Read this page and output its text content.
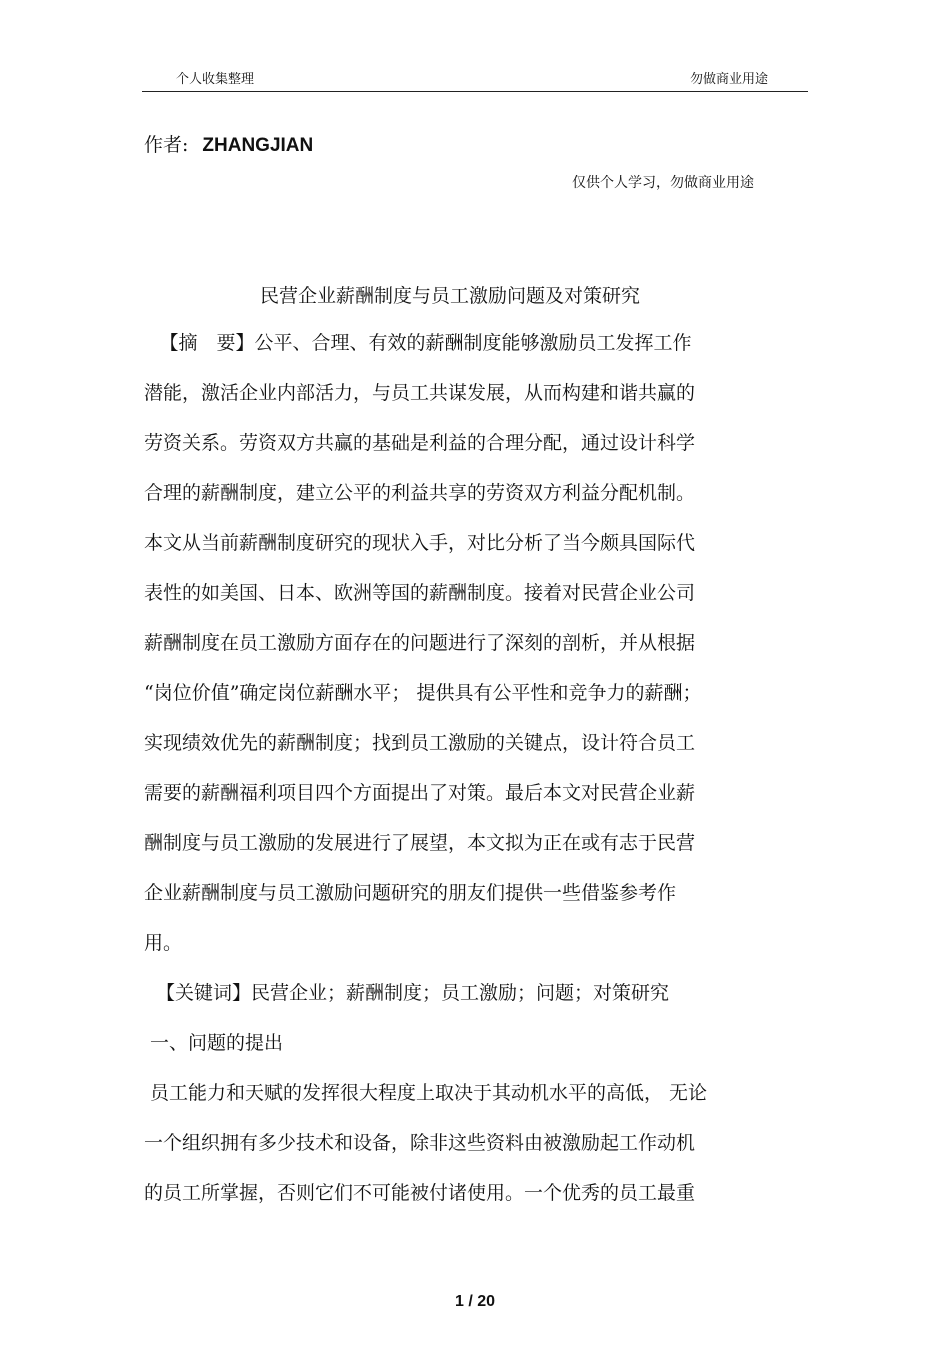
个人收集整理	勿做商业用途
作者: ZHANGJIAN
仅供个人学习，勿做商业用途
民营企业薪酬制度与员工激励问题及对策研究
　【摘　要】公平、合理、有效的薪酬制度能够激励员工发挥工作
潜能，激活企业内部活力，与员工共谋发展，从而构建和谐共赢的
劳资关系。劳资双方共赢的基础是利益的合理分配，通过设计科学
合理的薪酬制度，建立公平的利益共享的劳资双方利益分配机制。
本文从当前薪酬制度研究的现状入手，对比分析了当今颇具国际代
表性的如美国、日本、欧洲等国的薪酬制度。接着对民营企业公司
薪酬制度在员工激励方面存在的问题进行了深刻的剖析，并从根据
“岗位价值”确定岗位薪酬水平； 提供具有公平性和竞争力的薪酬；
实现绩效优先的薪酬制度；找到员工激励的关键点，设计符合员工
需要的薪酬福利项目四个方面提出了对策。最后本文对民营企业薪
酬制度与员工激励的发展进行了展望，本文拟为正在或有志于民营
企业薪酬制度与员工激励问题研究的朋友们提供一些借鉴参考作
用。
【关键词】民营企业；薪酬制度；员工激励；问题；对策研究
一、问题的提出
员工能力和天赋的发挥很大程度上取决于其动机水平的高低， 无论
一个组织拥有多少技术和设备，除非这些资料由被激励起工作动机
的员工所掌握，否则它们不可能被付诸使用。一个优秀的员工最重
1 / 20
